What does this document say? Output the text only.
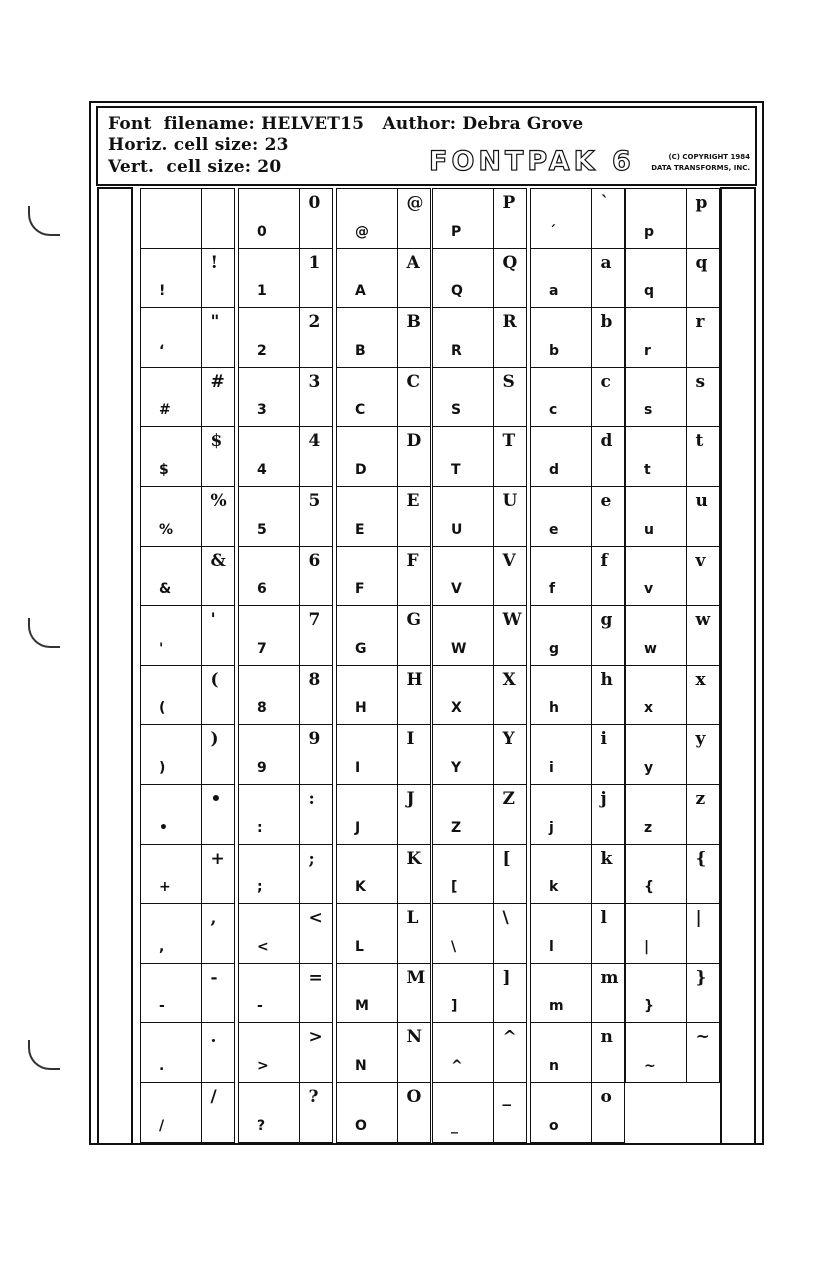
Font  filename: HELVET15   Author: Debra Grove
Horiz. cell size: 23
Vert.  cell size: 20	FONTPAK 6	(C) COPYRIGHT 1984
DATA TRANSFORMS, INC.
!
!
‘
"
#
#
$
$
%
%
&
&
'
'
(
(
)
)
•
•
+
+
,
,
-
-
.
.
/
/
0
0
1
1
2
2
3
3
4
4
5
5
6
6
7
7
8
8
9
9
:
:
;
;
<
<
-
=
>
>
?
?
@
@
A
A
B
B
C
C
D
D
E
E
F
F
G
G
H
H
I
I
J
J
K
K
L
L
M
M
N
N
O
O
P
P
Q
Q
R
R
S
S
T
T
U
U
V
V
W
W
X
X
Y
Y
Z
Z
[
[
\
\
]
]
^
^
_
_
´
`
a
a
b
b
c
c
d
d
e
e
f
f
g
g
h
h
i
i
j
j
k
k
l
l
m
m
n
n
o
o
p
p
q
q
r
r
s
s
t
t
u
u
v
v
w
w
x
x
y
y
z
z
{
{
|
|
}
}
~
~
